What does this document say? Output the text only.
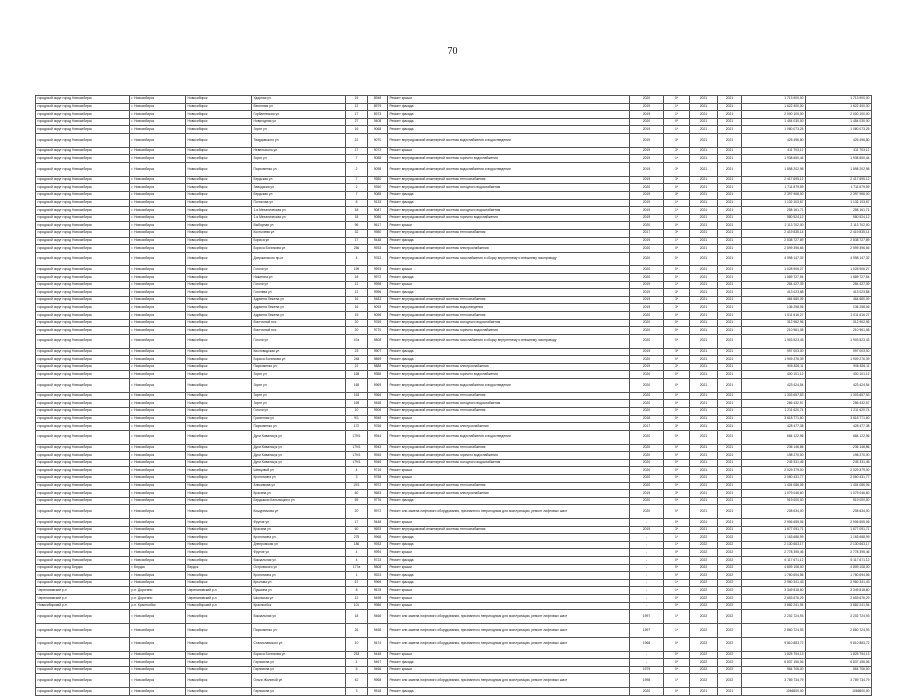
70
городской округ город Новосибирск	г. Новосибирск	Новосибирск	Ударная ул	19	8948	Ремонт крыши	2020	0*	2021	2021	1 713 900,00	1 713 900,00
городской округ город Новосибирск	г. Новосибирск	Новосибирск	Весенняя ул	12	8979	Ремонт фасада	2019	1*	2021	2021	1 622 400,00	1 622 400,00
городской округ город Новосибирск	г. Новосибирск	Новосибирск	Горбаневская ул	17	8973	Ремонт фасада	2019	1*	2021	2021	2 000 100,00	2 000 100,00
городской округ город Новосибирск	г. Новосибирск	Новосибирск	Новогодняя ул	27	9408	Ремонт фасада	2020	0*	2021	2021	1 454 030,00	1 454 030,00
городской округ город Новосибирск	г. Новосибирск	Новосибирск	Зорге ул	16	9068	Ремонт фасада	2019	1*	2021	2021	1 080 073,25	1 080 073,25
городской округ город Новосибирск	г. Новосибирск	Новосибирск	Твардовского ул	22	9070	Ремонт внутридомовой инженерной системы водоснабжения и водоотведения	2019	3*	2021	2021	425 496,80	425 496,80
городской округ город Новосибирск	г. Новосибирск	Новосибирск	Невельского ул	17	9072	Ремонт крыши	2019	3*	2021	2021	411 703,12	411 703,12
городской округ город Новосибирск	г. Новосибирск	Новосибирск	Зорге ул	7	9088	Ремонт внутридомовой инженерной системы горячего водоснабжения	2019	1*	2021	2021	1 938 650,44	1 938 650,44
городской округ город Новосибирск	г. Новосибирск	Новосибирск	Пархоменко ул	2	9098	Ремонт внутридомовой инженерной системы водоснабжения и водоотведения	2019	3*	2021	2021	1 898 202,98	1 898 202,98
городской округ город Новосибирск	г. Новосибирск	Новосибирск	Бердская ул	7	9980	Ремонт внутридомовой инженерной системы теплоснабжения	2019	3*	2021	2021	2 417 695,12	2 417 695,12
городской округ город Новосибирск	г. Новосибирск	Новосибирск	Заводская ул	2	9390	Ремонт внутридомовой инженерной системы холодного водоснабжения	2020	0*	2021	2021	1 711 879,59	1 711 879,59
городской округ город Новосибирск	г. Новосибирск	Новосибирск	Бердская ул	7	9088	Ремонт фасада	2019	3*	2021	2021	2 397 968,00	2 397 968,00
городской округ город Новосибирск	г. Новосибирск	Новосибирск	Полосова ул	6	9133	Ремонт фасада	2019	1*	2021	2021	1 132 103,67	1 132 103,67
городской округ город Новосибирск	г. Новосибирск	Новосибирск	1-я Механическая ул	18	9087	Ремонт внутридомовой инженерной системы холодного водоснабжения	2019	1*	2021	2021	258 161,71	258 161,71
городской округ город Новосибирск	г. Новосибирск	Новосибирск	1-я Механическая ул	18	9086	Ремонт внутридомовой инженерной системы горячего водоснабжения	2019	1*	2021	2021	580 524,12	580 524,12
городской округ город Новосибирск	г. Новосибирск	Новосибирск	Выборная ул	96	9617	Ремонт крыши	2020	0*	2021	2021	2 113 702,00	2 113 702,00
городской округ город Новосибирск	г. Новосибирск	Новосибирск	Костычева ул	32	9980	Ремонт внутридомовой инженерной системы теплоснабжения	2017	3*	2021	2021	2 419 835,14	2 419 835,14
городской округ город Новосибирск	г. Новосибирск	Новосибирск	Бориса ул	17	9448	Ремонт фасада	2019	1*	2021	2021	2 838 727,89	2 838 727,89
городской округ город Новосибирск	г. Новосибирск	Новосибирск	Бориса Богаткова ул	256	9933	Ремонт внутридомовой инженерной системы электроснабжения	2020	0*	2021	2021	2 599 396,66	2 599 396,66
городской округ город Новосибирск	г. Новосибирск	Новосибирск	Дзержинского пр-кт	4	9763	Ремонт внутридомовой инженерной системы газоснабжения и сборку внутреннему и внешнему газопроводу	2020	0*	2021	2021	4 998 147,32	4 998 147,32
городской округ город Новосибирск	г. Новосибирск	Новосибирск	Гоголя ул	199	9993	Ремонт крыши	2020	0*	2021	2021	1 028 906,27	1 028 906,27
городской округ город Новосибирск	г. Новосибирск	Новосибирск	Никитина ул	18	9972	Ремонт фасада	2020	0*	2021	2021	1 589 727,54	1 589 727,54
городской округ город Новосибирск	г. Новосибирск	Новосибирск	Гоголя ул	12	9998	Ремонт крыши	2019	1*	2021	2021	284 427,39	284 427,39
городской округ город Новосибирск	г. Новосибирск	Новосибирск	Гоголева ул	12	9996	Ремонт фасада	2019	3*	2021	2021	413 023,88	413 023,88
городской округ город Новосибирск	г. Новосибирск	Новосибирск	Адриена Лежена ул	16	9483	Ремонт внутридомовой инженерной системы теплоснабжения	2019	3*	2021	2021	464 680,09	464 680,09
городской округ город Новосибирск	г. Новосибирск	Новосибирск	Адриена Лежена ул	16	9093	Ремонт внутридомовой инженерной системы водоотведения	2019	3*	2021	2021	136 258,06	136 258,06
городской округ город Новосибирск	г. Новосибирск	Новосибирск	Адриена Лежена ул	15	9096	Ремонт внутридомовой инженерной системы теплоснабжения	2020	0*	2021	2021	1 011 616,27	1 011 616,27
городской округ город Новосибирск	г. Новосибирск	Новосибирск	Восточный пос	20	9769	Ремонт внутридомовой инженерной системы холодного водоснабжения	2020	0*	2021	2021	312 962,96	312 962,96
городской округ город Новосибирск	г. Новосибирск	Новосибирск	Восточный пос	20	9770	Ремонт внутридомовой инженерной системы горячего водоснабжения	2020	0*	2021	2021	210 961,08	210 961,08
городской округ город Новосибирск	г. Новосибирск	Новосибирск	Гоголя ул	47а	9808	Ремонт внутридомовой инженерной системы газоснабжения и сборку внутреннему и внешнему газопроводу	2020	0*	2021	2021	1 903 523,43	1 903 523,43
городской округ город Новосибирск	г. Новосибирск	Новосибирск	Кисловодская ул	23	9907	Ремонт фасада	2019	3*	2021	2021	997 003,00	997 003,00
городской округ город Новосибирск	г. Новосибирск	Новосибирск	Бориса Богаткова ул	248	9869	Ремонт фасада	2020	0*	2021	2021	1 909 276,39	1 909 276,39
городской округ город Новосибирск	г. Новосибирск	Новосибирск	Пархоменко ул	22	9888	Ремонт внутридомовой инженерной системы электроснабжения	2019	3*	2021	2021	906 826,11	906 826,11
городской округ город Новосибирск	г. Новосибирск	Новосибирск	Зорге ул	165	9988	Ремонт внутридомовой инженерной системы горячего водоснабжения	2020	0*	2021	2021	400 101,12	400 101,12
городской округ город Новосибирск	г. Новосибирск	Новосибирск	Зорге ул	165	9969	Ремонт внутридомовой инженерной системы водоснабжения и водоотведения	2020	0*	2021	2021	423 424,54	423 424,54
городской округ город Новосибирск	г. Новосибирск	Новосибирск	Зорге ул	163	9966	Ремонт внутридомовой инженерной системы теплоснабжения	2020	0*	2021	2021	1 303 657,53	1 303 657,53
городской округ город Новосибирск	г. Новосибирск	Новосибирск	Зорге ул	169	9468	Ремонт внутридомовой инженерной системы холодного водоснабжения	2020	0*	2021	2021	286 432,57	286 432,57
городской округ город Новосибирск	г. Новосибирск	Новосибирск	Гоголя ул	10	9906	Ремонт внутридомовой инженерной системы теплоснабжения	2020	0*	2021	2021	1 211 620,74	1 211 620,74
городской округ город Новосибирск	г. Новосибирск	Новосибирск	Гранитная ул	9/1	9948	Ремонт крыши	2018	0*	2021	2021	3 618 771,60	3 618 771,60
городской округ город Новосибирск	г. Новосибирск	Новосибирск	Пархоменко ул	172	9766	Ремонт внутридомовой инженерной системы электроснабжения	2017	3*	2021	2021	428 477,38	428 477,38
городской округ город Новосибирск	г. Новосибирск	Новосибирск	Дуси Ковальчук ул	179/1	9944	Ремонт внутридомовой инженерной системы водоснабжения и водоотведения	2020	0*	2021	2021	684 122,96	684 122,96
городской округ город Новосибирск	г. Новосибирск	Новосибирск	Дуси Ковальчук ул	179/1	9943	Ремонт внутридомовой инженерной системы теплоснабжения	2020	0*	2021	2021	236 146,86	236 146,86
городской округ город Новосибирск	г. Новосибирск	Новосибирск	Дуси Ковальчук ул	179/1	9945	Ремонт внутридомовой инженерной системы горячего водоснабжения	2020	0*	2021	2021	198 270,00	198 270,00
городской округ город Новосибирск	г. Новосибирск	Новосибирск	Дуси Ковальчук ул	179/1	9946	Ремонт внутридомовой инженерной системы холодного водоснабжения	2020	0*	2021	2021	245 331,46	245 331,46
городской округ город Новосибирск	г. Новосибирск	Новосибирск	Шевцовой ул	4	9716	Ремонт крыши	2020	0*	2021	2021	2 029 379,00	2 029 379,00
городской округ город Новосибирск	г. Новосибирск	Новосибирск	Кропоткина ул	3	9758	Ремонт крыши	2020	0*	2021	2021	2 060 431,77	2 060 431,77
городской округ город Новосибирск	г. Новосибирск	Новосибирск	Анисимова ул	19/1	9972	Ремонт внутридомовой инженерной системы теплоснабжения	2020	0*	2021	2021	1 404 086,06	1 404 086,06
городской округ город Новосибирск	г. Новосибирск	Новосибирск	Красина ул	60	9683	Ремонт внутридомовой инженерной системы электроснабжения	2019	3*	2021	2021	1 079 046,60	1 079 046,60
городской округ город Новосибирск	г. Новосибирск	Новосибирск	Бердышки Кальныцкого ул	69	9776	Ремонт фасада	2020	0*	2021	2021	919 000,00	919 000,00
городской округ город Новосибирск	г. Новосибирск	Новосибирск	Кошурникова ул	20	9972	Ремонт или замена лифтового оборудования, признанного непригодным для эксплуатации, ремонт лифтовых шахт	2020	0*	2021	2021	208 634,00	208 634,00
городской округ город Новосибирск	г. Новосибирск	Новосибирск	Фрунзе ул	17	9448	Ремонт крыши	-	0*	2021	2021	2 906 655,06	2 906 655,06
городской округ город Новосибирск	г. Новосибирск	Новосибирск	Красина ул	60	9693	Ремонт внутридомовой инженерной системы теплоснабжения	2019	3*	2021	2021	1 677 091,71	1 677 091,71
городской округ город Новосибирск	г. Новосибирск	Новосибирск	Кропоткина ул	275	9968	Ремонт фасада	-	1*	2022	2022	1 163 688,99	1 163 688,99
городской округ город Новосибирск	г. Новосибирск	Новосибирск	Днепровская ул	186	9933	Ремонт фасада	-	1*	2022	2022	2 130 663,17	2 130 663,17
городской округ город Новосибирск	г. Новосибирск	Новосибирск	Фрунзе ул	4	9994	Ремонт крыши	-	0*	2022	2022	2 778 395,46	2 778 395,46
городской округ город Новосибирск	г. Новосибирск	Новосибирск	Вокзальная ул	4	9723	Ремонт фасада	-	0*	2022	2022	6 117 671,12	6 117 671,12
городской округ город Бердск	г. Бердск	Бердск	Островского ул	177а	9808	Ремонт крыши	-	0*	2022	2022	4 809 108,00	4 809 108,00
городской округ город Новосибирск	г. Новосибирск	Новосибирск	Кропоткина ул	1	9923	Ремонт фасада	-	0*	2022	2022	1 780 694,56	1 780 694,56
городской округ город Новосибирск	г. Новосибирск	Новосибирск	Крылова ул	67	9966	Ремонт фасада	-	1*	2022	2022	2 960 341,43	2 960 341,43
Черепановский р-н	р.п. Дорогино	Черепановский р-н	Пушкина ул	8	9578	Ремонт крыши	-	1*	2022	2022	3 349 818,60	3 349 818,60
Черепановский р-н	р.п. Дорогино	Черепановский р-н	Школьная ул	12	9498	Ремонт крыши	-	0*	2022	2022	2 653 676,29	2 653 676,29
Новосибирский р-н	р.п. Краснообск	Новосибирский р-н	Краснообск	101	9986	Ремонт крыши	-	0*	2022	2022	3 882 241,94	3 882 241,94
городской округ город Новосибирск	г. Новосибирск	Новосибирск	Вокзальная ул	18	9466	Ремонт или замена лифтового оборудования, признанного непригодным для эксплуатации, ремонт лифтовых шахт	1997	1*	2022	2022	2 202 724,93	2 202 724,93
городской округ город Новосибирск	г. Новосибирск	Новосибирск	Пархоменко ул	26	9468	Ремонт или замена лифтового оборудования, признанного непригодным для эксплуатации, ремонт лифтовых шахт	1997	1*	2022	2022	2 860 724,93	2 860 724,93
городской округ город Новосибирск	г. Новосибирск	Новосибирск	Станиславского ул	10	9474	Ремонт или замена лифтового оборудования, признанного непригодным для эксплуатации, ремонт лифтовых шахт	1966	0*	2022	2022	9 810 883,72	9 810 883,72
городской округ город Новосибирск	г. Новосибирск	Новосибирск	Бориса Богаткова ул	253	9448	Ремонт крыши	-	0*	2022	2022	1 825 754,13	1 825 754,13
городской округ город Новосибирск	г. Новосибирск	Новосибирск	Гарнизона ул	1	9467	Ремонт фасада	-	0*	2022	2022	6 837 156,06	6 837 156,06
городской округ город Новосибирск	г. Новосибирск	Новосибирск	Гарнизона ул	5	9466	Ремонт крыши	1979	0*	2022	2022	564 706,00	564 706,00
городской округ город Новосибирск	г. Новосибирск	Новосибирск	Ольги Жилиной ул	42	9968	Ремонт или замена лифтового оборудования, признанного непригодным для эксплуатации, ремонт лифтовых шахт	1998	1*	2022	2022	3 789 734,79	3 789 734,79
городской округ город Новосибирск	г. Новосибирск	Новосибирск	Гарнизона ул	3	9518	Ремонт фасада	2020	0*	2021	2021	1066500,00	1066500,00
